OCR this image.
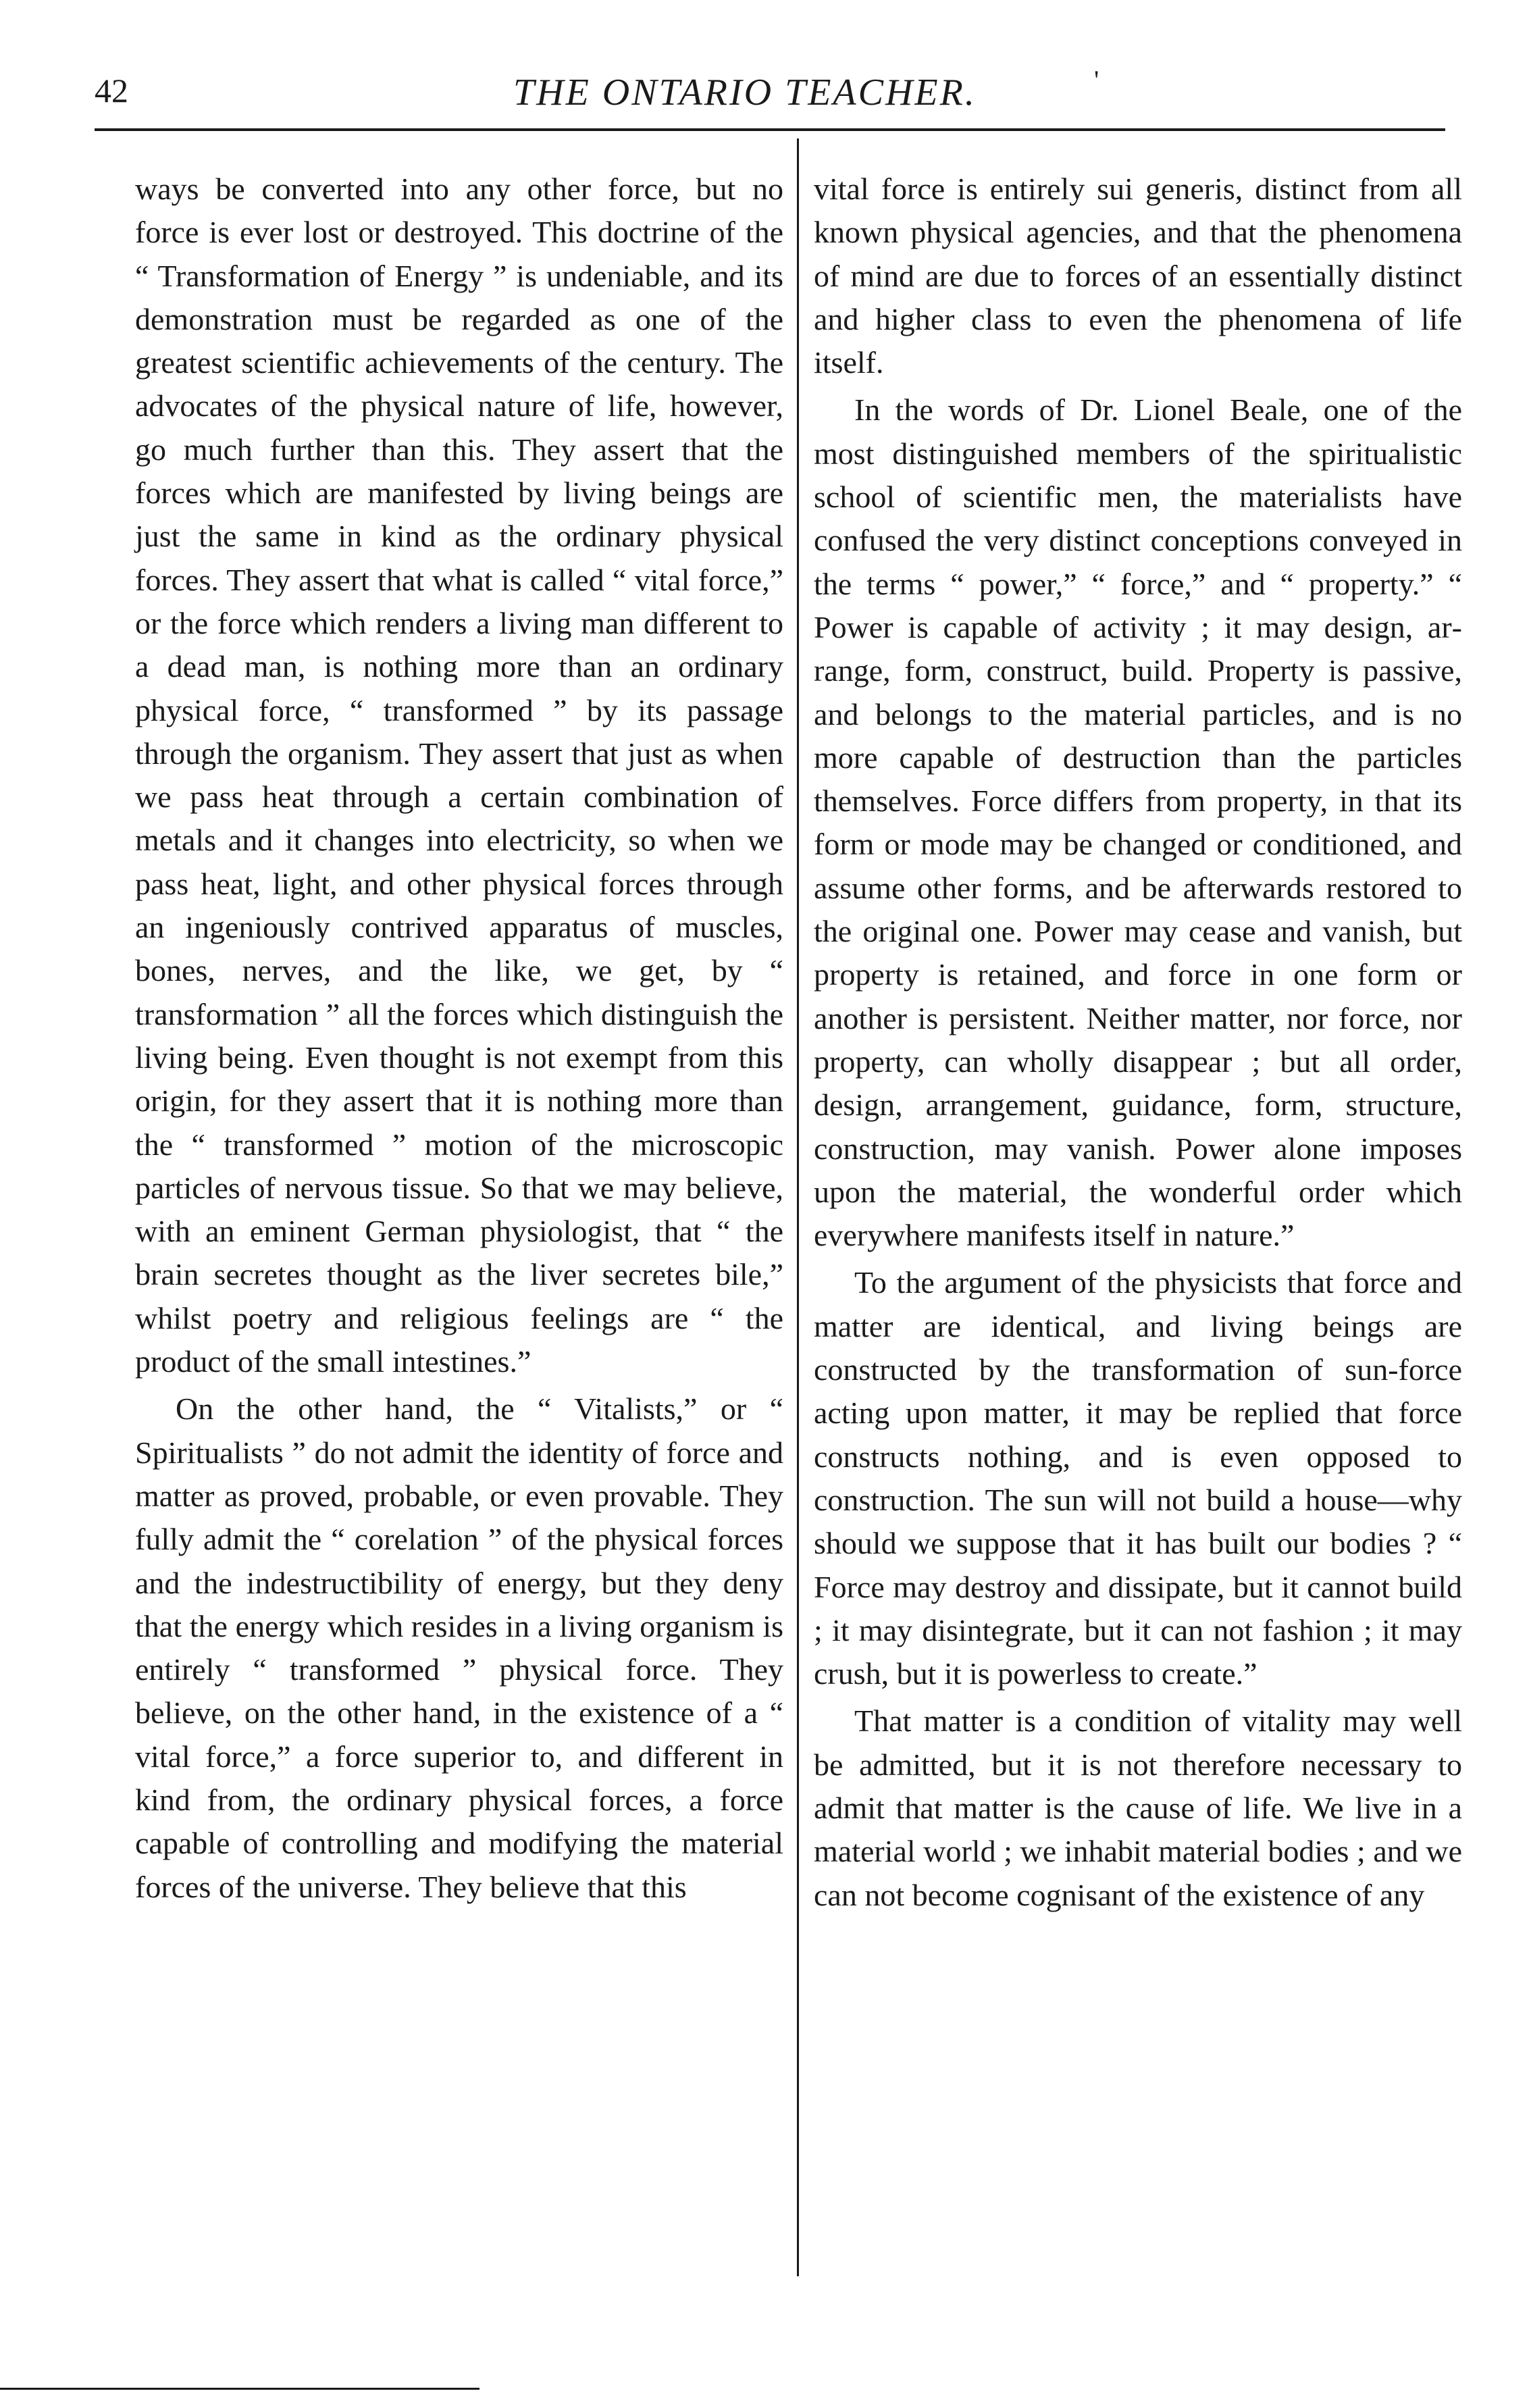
42	THE ONTARIO TEACHER.	'

ways be converted into any other force, but no force is ever lost or destroyed. This doctrine of the “ Transformation of Energy ” is undeniable, and its demonstration must be regarded as one of the greatest scientific achievements of the century. The advocates of the physical nature of life, however, go much further than this. They assert that the forces which are manifested by living beings are just the same in kind as the ordinary physical forces. They assert that what is called “ vital force,” or the force which renders a living man different to a dead man, is nothing more than an ordinary physical force, “ transformed ” by its passage through the organism. They assert that just as when we pass heat through a certain combination of metals and it changes into electricity, so when we pass heat, light, and other physical forces through an ingeniously contrived apparatus of muscles, bones, nerves, and the like, we get, by “ transformation ” all the forces which distinguish the living being. Even thought is not exempt from this origin, for they assert that it is nothing more than the “ transformed ” motion of the microscopic particles of nervous tissue. So that we may believe, with an eminent German physiologist, that “ the brain secretes thought as the liver secretes bile,” whilst poetry and religious feelings are “ the product of the small intestines.”

On the other hand, the “ Vitalists,” or “ Spiritualists ” do not admit the identity of force and matter as proved, probable, or even provable. They fully admit the “ corelation ” of the physical forces and the indestructibility of energy, but they deny that the energy which resides in a living organism is entirely “ transformed ” physical force. They believe, on the other hand, in the existence of a “ vital force,” a force superior to, and different in kind from, the ordinary physical forces, a force capable of controlling and modifying the material forces of the universe. They believe that this

vital force is entirely sui generis, distinct from all known physical agencies, and that the phenomena of mind are due to forces of an essentially distinct and higher class to even the phenomena of life itself.

In the words of Dr. Lionel Beale, one of the most distinguished members of the spiritualistic school of scientific men, the materialists have confused the very distinct conceptions conveyed in the terms “ power,” “ force,” and “ property.” “ Power is capable of activity ; it may design, arrange, form, construct, build. Property is passive, and belongs to the material particles, and is no more capable of destruction than the particles themselves. Force differs from property, in that its form or mode may be changed or conditioned, and assume other forms, and be afterwards restored to the original one. Power may cease and vanish, but property is retained, and force in one form or another is persistent. Neither matter, nor force, nor property, can wholly disappear ; but all order, design, arrangement, guidance, form, structure, construction, may vanish. Power alone imposes upon the material, the wonderful order which everywhere manifests itself in nature.”

To the argument of the physicists that force and matter are identical, and living beings are constructed by the transformation of sun-force acting upon matter, it may be replied that force constructs nothing, and is even opposed to construction. The sun will not build a house—why should we suppose that it has built our bodies ? “ Force may destroy and dissipate, but it cannot build ; it may disintegrate, but it can not fashion ; it may crush, but it is powerless to create.”

That matter is a condition of vitality may well be admitted, but it is not therefore necessary to admit that matter is the cause of life. We live in a material world ; we inhabit material bodies ; and we can not become cognisant of the existence of any
